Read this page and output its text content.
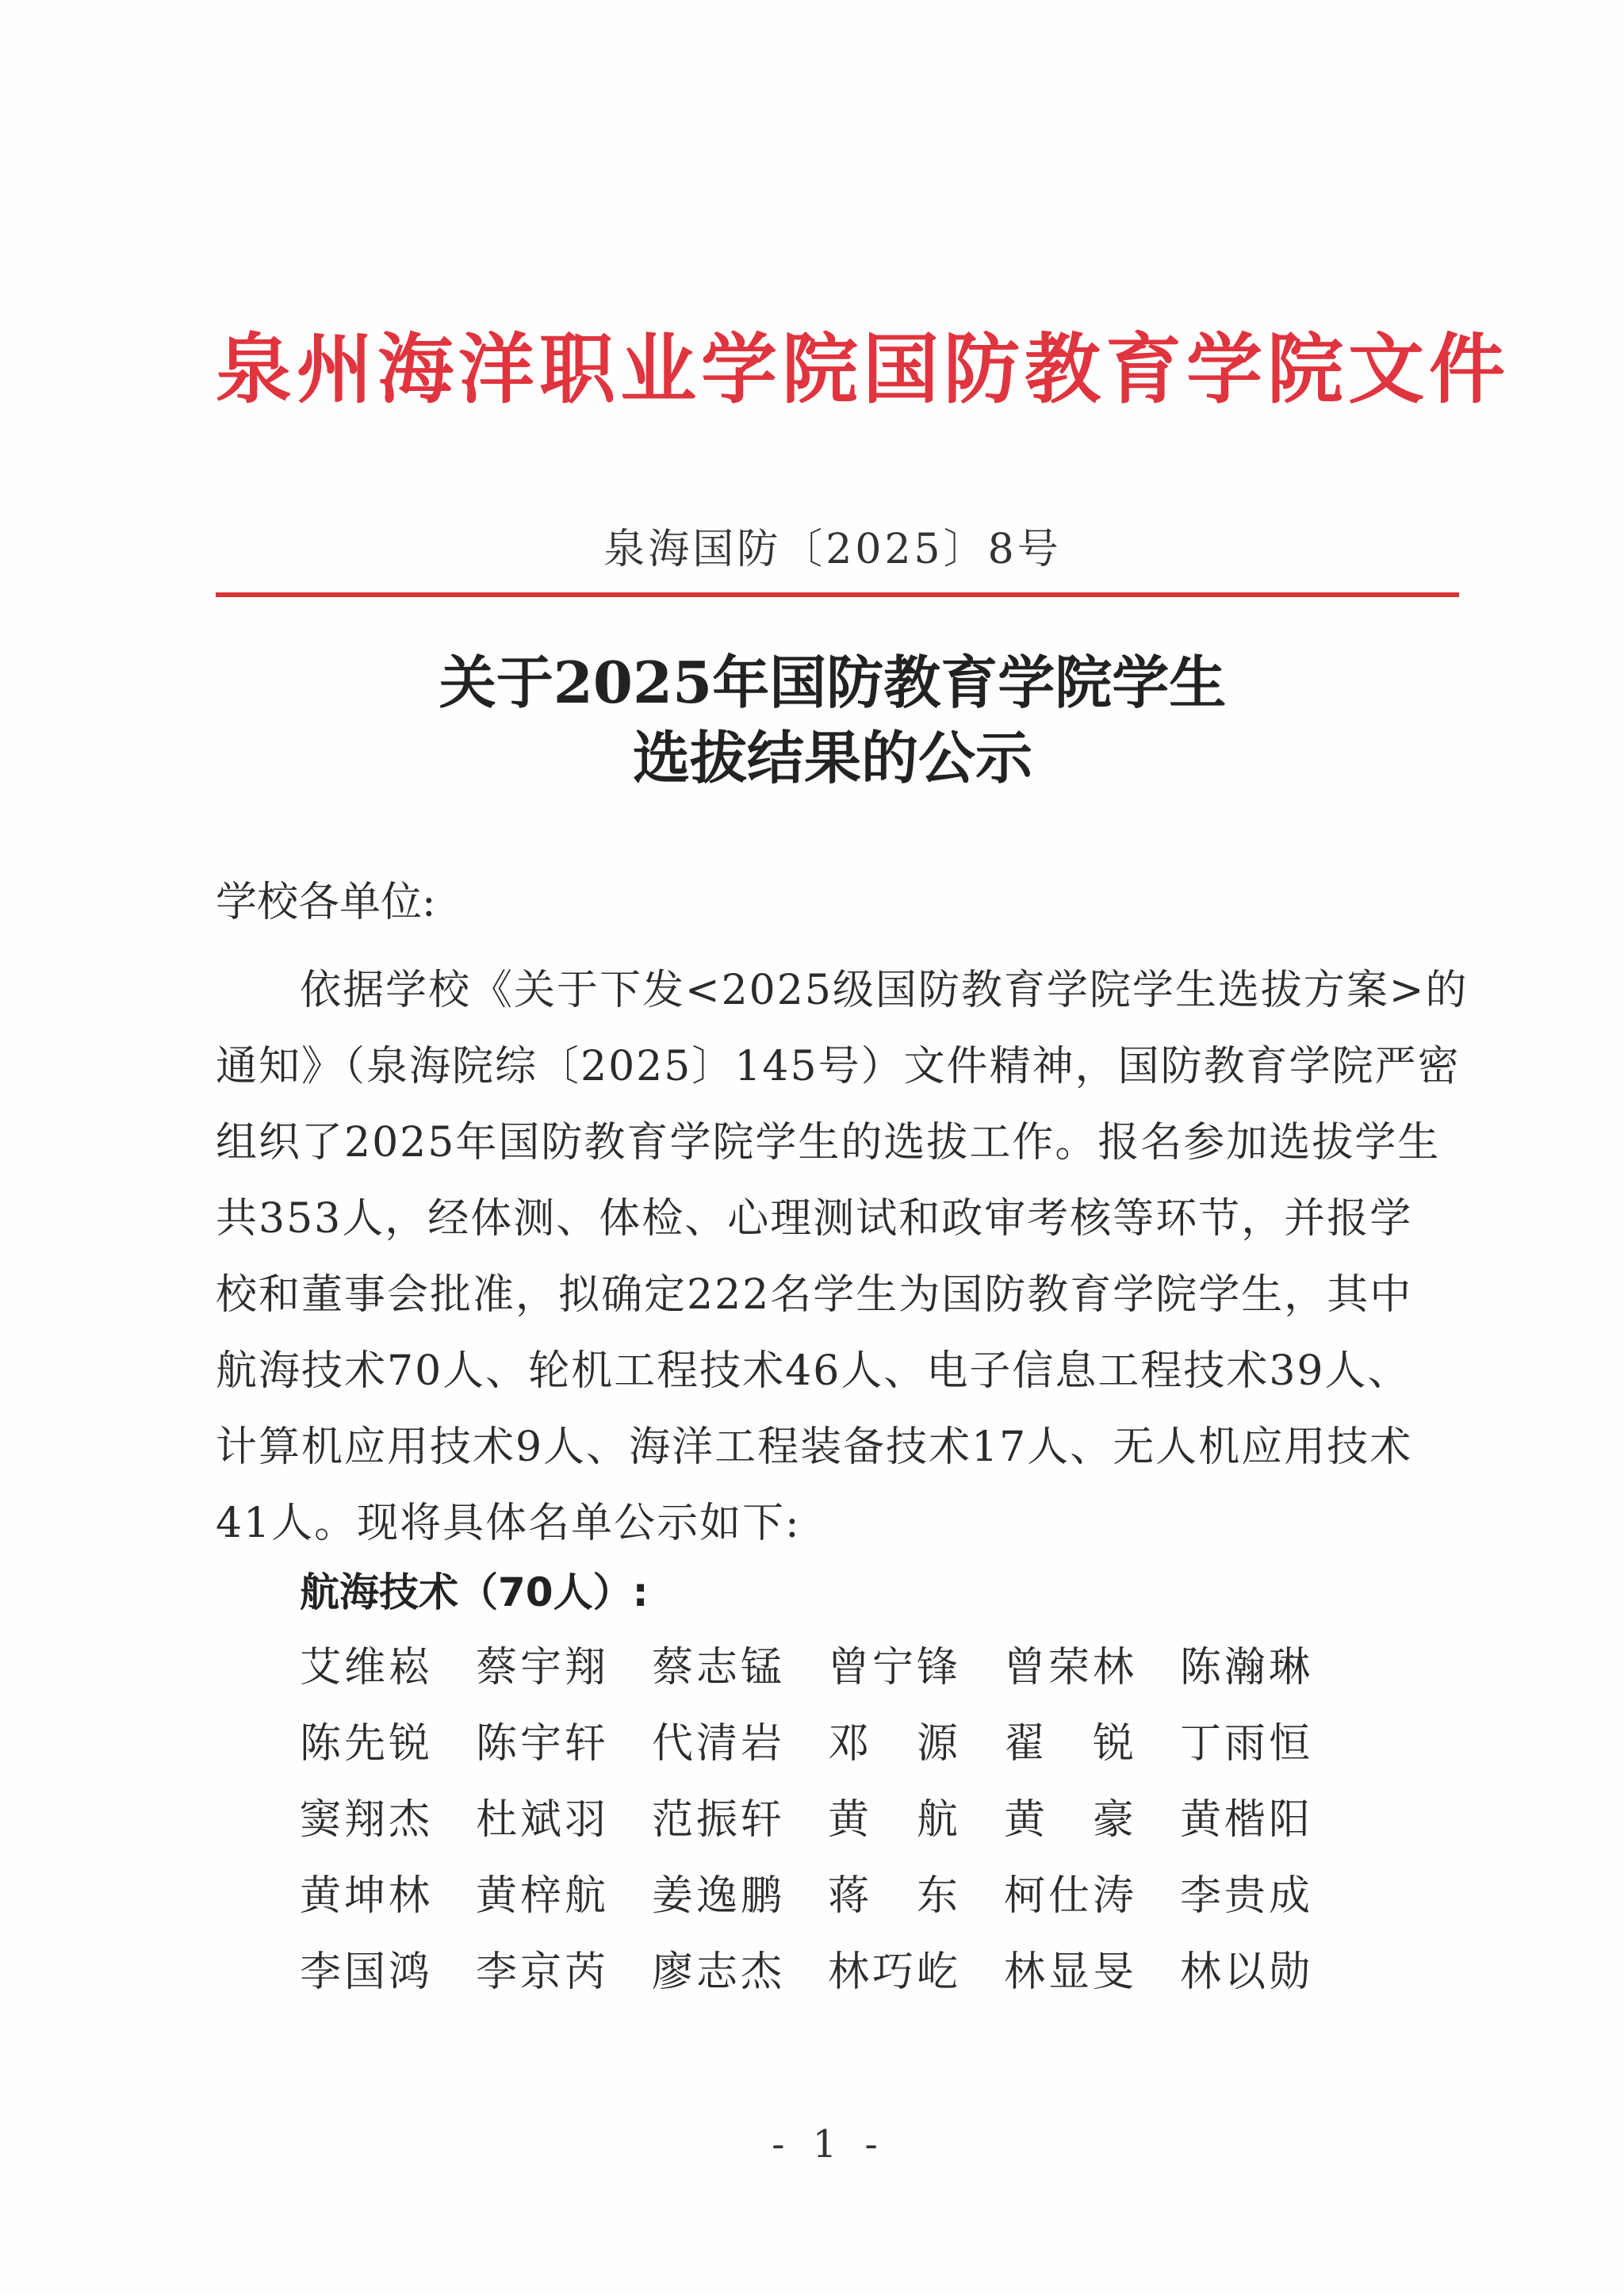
泉州海洋职业学院国防教育学院文件
泉海国防〔2025〕8号
关于2025年国防教育学院学生
选拔结果的公示
学校各单位:
依据学校《关于下发<2025级国防教育学院学生选拔方案>的
通知》（泉海院综〔2025〕145号）文件精神，国防教育学院严密
组织了2025年国防教育学院学生的选拔工作。报名参加选拔学生
共353人，经体测、体检、心理测试和政审考核等环节，并报学
校和董事会批准，拟确定222名学生为国防教育学院学生，其中
航海技术70人、轮机工程技术46人、电子信息工程技术39人、
计算机应用技术9人、海洋工程装备技术17人、无人机应用技术
41人。现将具体名单公示如下:
航海技术（70人）:
艾维崧 蔡宇翔 蔡志锰 曾宁锋 曾荣林 陈瀚琳
陈先锐 陈宇轩 代清岩 邓　源 翟　锐 丁雨恒
窦翔杰 杜斌羽 范振轩 黄　航 黄　豪 黄楷阳
黄坤林 黄梓航 姜逸鹏 蒋　东 柯仕涛 李贵成
李国鸿 李京芮 廖志杰 林巧屹 林显旻 林以勋
- 1 -
